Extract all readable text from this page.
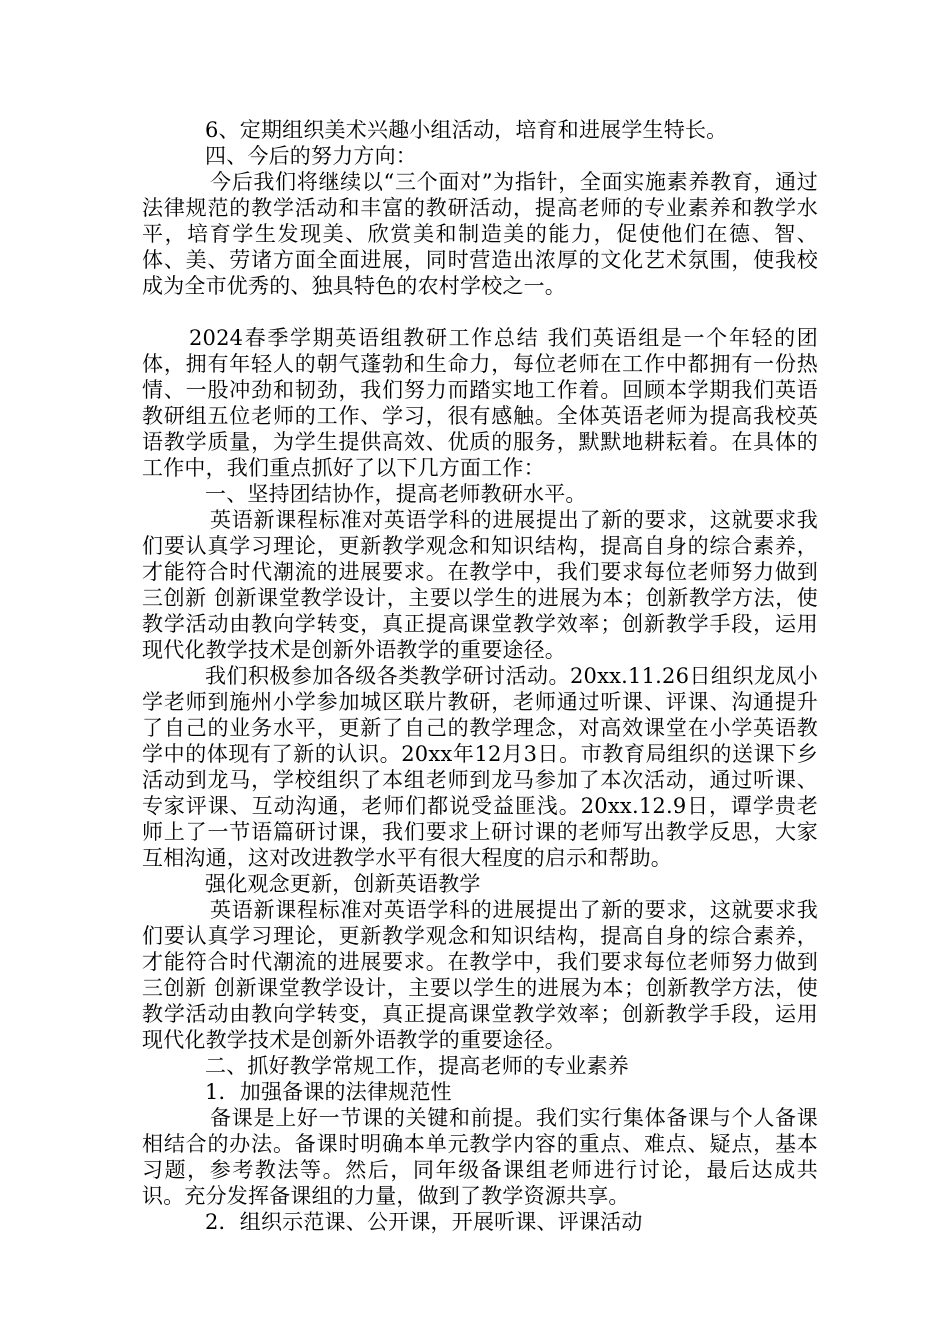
6、定期组织美术兴趣小组活动，培育和进展学生特长。

四、今后的努力方向：

今后我们将继续以“三个面对”为指针，全面实施素养教育，通过法律规范的教学活动和丰富的教研活动，提高老师的专业素养和教学水平，培育学生发现美、欣赏美和制造美的能力，促使他们在德、智、体、美、劳诸方面全面进展，同时营造出浓厚的文化艺术氛围，使我校成为全市优秀的、独具特色的农村学校之一。

2024春季学期英语组教研工作总结 我们英语组是一个年轻的团体，拥有年轻人的朝气蓬勃和生命力，每位老师在工作中都拥有一份热情、一股冲劲和韧劲，我们努力而踏实地工作着。回顾本学期我们英语教研组五位老师的工作、学习，很有感触。全体英语老师为提高我校英语教学质量，为学生提供高效、优质的服务，默默地耕耘着。在具体的工作中，我们重点抓好了以下几方面工作：

一、坚持团结协作，提高老师教研水平。

英语新课程标准对英语学科的进展提出了新的要求，这就要求我们要认真学习理论，更新教学观念和知识结构，提高自身的综合素养，才能符合时代潮流的进展要求。在教学中，我们要求每位老师努力做到三创新 创新课堂教学设计，主要以学生的进展为本；创新教学方法，使教学活动由教向学转变，真正提高课堂教学效率；创新教学手段，运用现代化教学技术是创新外语教学的重要途径。

我们积极参加各级各类教学研讨活动。20xx.11.26日组织龙凤小学老师到施州小学参加城区联片教研，老师通过听课、评课、沟通提升了自己的业务水平，更新了自己的教学理念，对高效课堂在小学英语教学中的体现有了新的认识。20xx年12月3日。市教育局组织的送课下乡活动到龙马，学校组织了本组老师到龙马参加了本次活动，通过听课、专家评课、互动沟通，老师们都说受益匪浅。20xx.12.9日，谭学贵老师上了一节语篇研讨课，我们要求上研讨课的老师写出教学反思，大家互相沟通，这对改进教学水平有很大程度的启示和帮助。

强化观念更新，创新英语教学

英语新课程标准对英语学科的进展提出了新的要求，这就要求我们要认真学习理论，更新教学观念和知识结构，提高自身的综合素养，才能符合时代潮流的进展要求。在教学中，我们要求每位老师努力做到三创新 创新课堂教学设计，主要以学生的进展为本；创新教学方法，使教学活动由教向学转变，真正提高课堂教学效率；创新教学手段，运用现代化教学技术是创新外语教学的重要途径。

二、抓好教学常规工作，提高老师的专业素养

1．加强备课的法律规范性

备课是上好一节课的关键和前提。我们实行集体备课与个人备课相结合的办法。备课时明确本单元教学内容的重点、难点、疑点，基本习题，参考教法等。然后，同年级备课组老师进行讨论，最后达成共识。充分发挥备课组的力量，做到了教学资源共享。

2．组织示范课、公开课，开展听课、评课活动
